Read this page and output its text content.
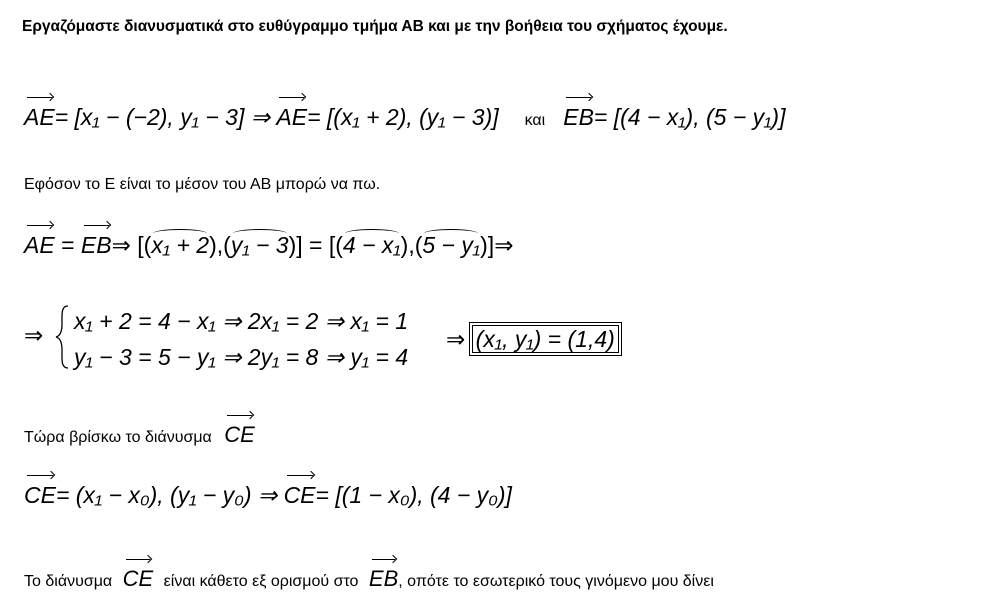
Εργαζόμαστε διανυσματικά στο ευθύγραμμο τμήμα ΑΒ και με την βοήθεια του σχήματος έχουμε.
AE= [x₁ − (−2), y₁ − 3] ⇒
AE= [(x₁ + 2), (y₁ − 3)] και EB= [(4 − x₁), (5 − y₁)]
Εφόσον το Ε είναι το μέσον του ΑΒ μπορώ να πω.
AE = EB⇒ [(x₁ + 2),(y₁ − 3)] = [(4 − x₁),(5 − y₁)]⇒
⇒
x₁ + 2 = 4 − x₁ ⇒ 2x₁ = 2 ⇒ x₁ = 1
y₁ − 3 = 5 − y₁ ⇒ 2y₁ = 8 ⇒ y₁ = 4
⇒ (x₁, y₁) = (1,4)
Τώρα βρίσκω το διάνυσμα CE
CE= (x₁ − x₀), (y₁ − y₀) ⇒
CE= [(1 − x₀), (4 − y₀)]
Το διάνυσμα CE είναι κάθετο εξ ορισμού στο EB, οπότε το εσωτερικό τους γινόμενο μου δίνει
